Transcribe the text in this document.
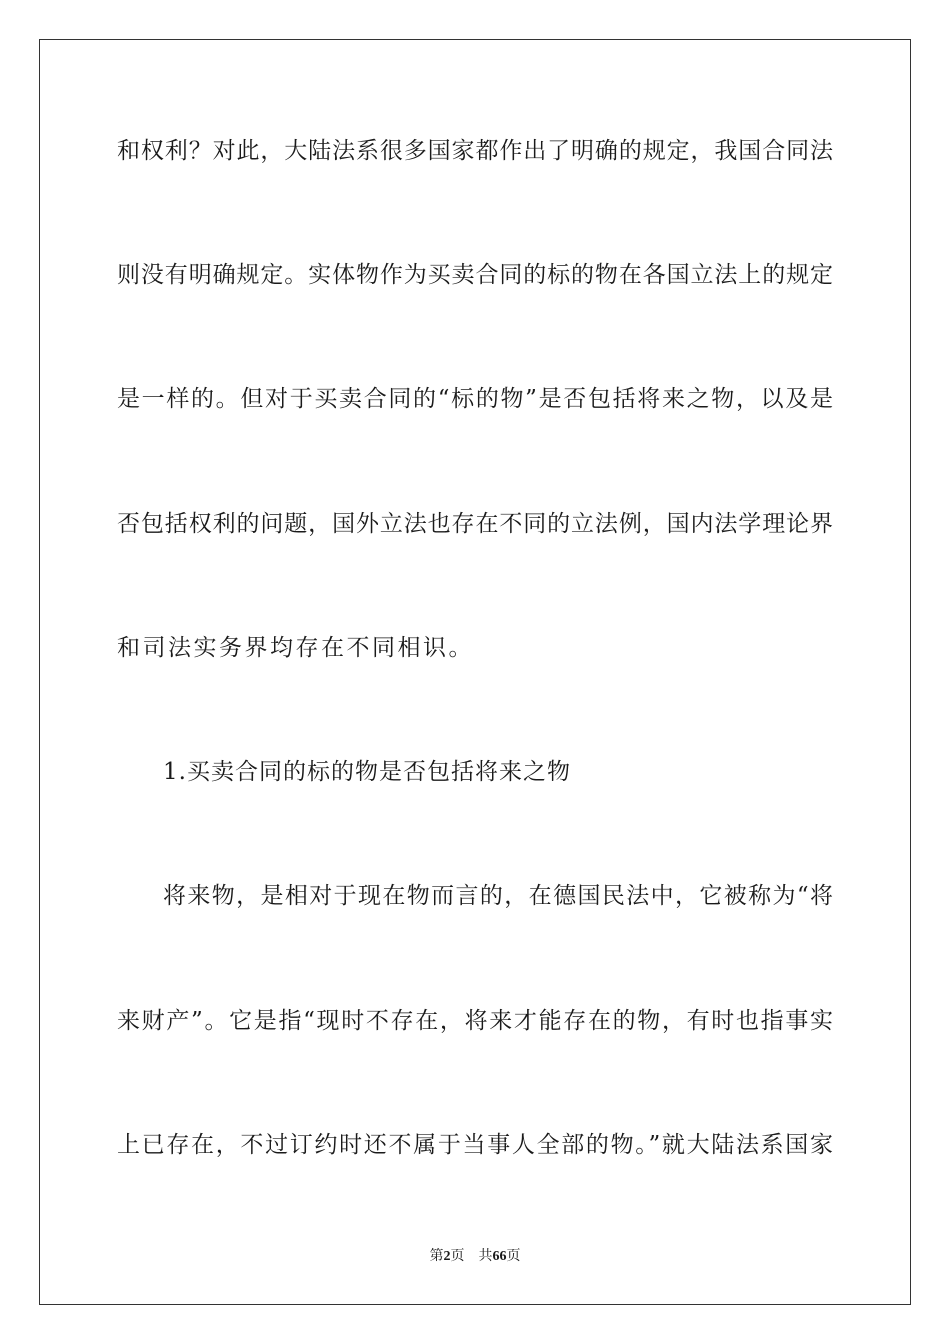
和权利？对此，大陆法系很多国家都作出了明确的规定，我国合同法
则没有明确规定。实体物作为买卖合同的标的物在各国立法上的规定
是一样的。但对于买卖合同的“标的物”是否包括将来之物，以及是
否包括权利的问题，国外立法也存在不同的立法例，国内法学理论界
和司法实务界均存在不同相识。
1.买卖合同的标的物是否包括将来之物
将来物，是相对于现在物而言的，在德国民法中，它被称为“将
来财产”。它是指“现时不存在，将来才能存在的物，有时也指事实
上已存在，不过订约时还不属于当事人全部的物。”就大陆法系国家
第2页 共66页
